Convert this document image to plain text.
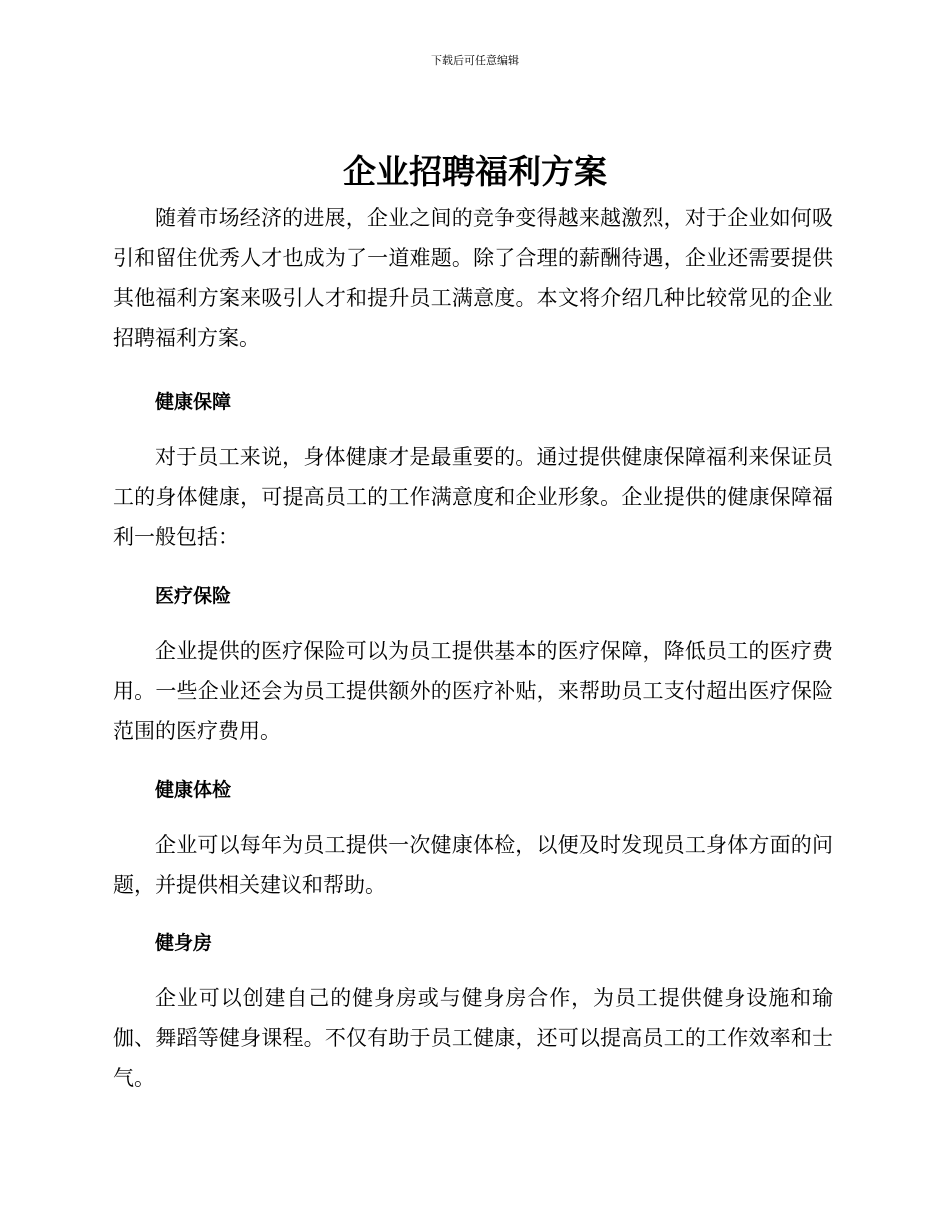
下载后可任意编辑
企业招聘福利方案

随着市场经济的进展，企业之间的竞争变得越来越激烈，对于企业如何吸引和留住优秀人才也成为了一道难题。除了合理的薪酬待遇，企业还需要提供其他福利方案来吸引人才和提升员工满意度。本文将介绍几种比较常见的企业招聘福利方案。

健康保障

对于员工来说，身体健康才是最重要的。通过提供健康保障福利来保证员工的身体健康，可提高员工的工作满意度和企业形象。企业提供的健康保障福利一般包括：

医疗保险

企业提供的医疗保险可以为员工提供基本的医疗保障，降低员工的医疗费用。一些企业还会为员工提供额外的医疗补贴，来帮助员工支付超出医疗保险范围的医疗费用。

健康体检

企业可以每年为员工提供一次健康体检，以便及时发现员工身体方面的问题，并提供相关建议和帮助。

健身房

企业可以创建自己的健身房或与健身房合作，为员工提供健身设施和瑜伽、舞蹈等健身课程。不仅有助于员工健康，还可以提高员工的工作效率和士气。
